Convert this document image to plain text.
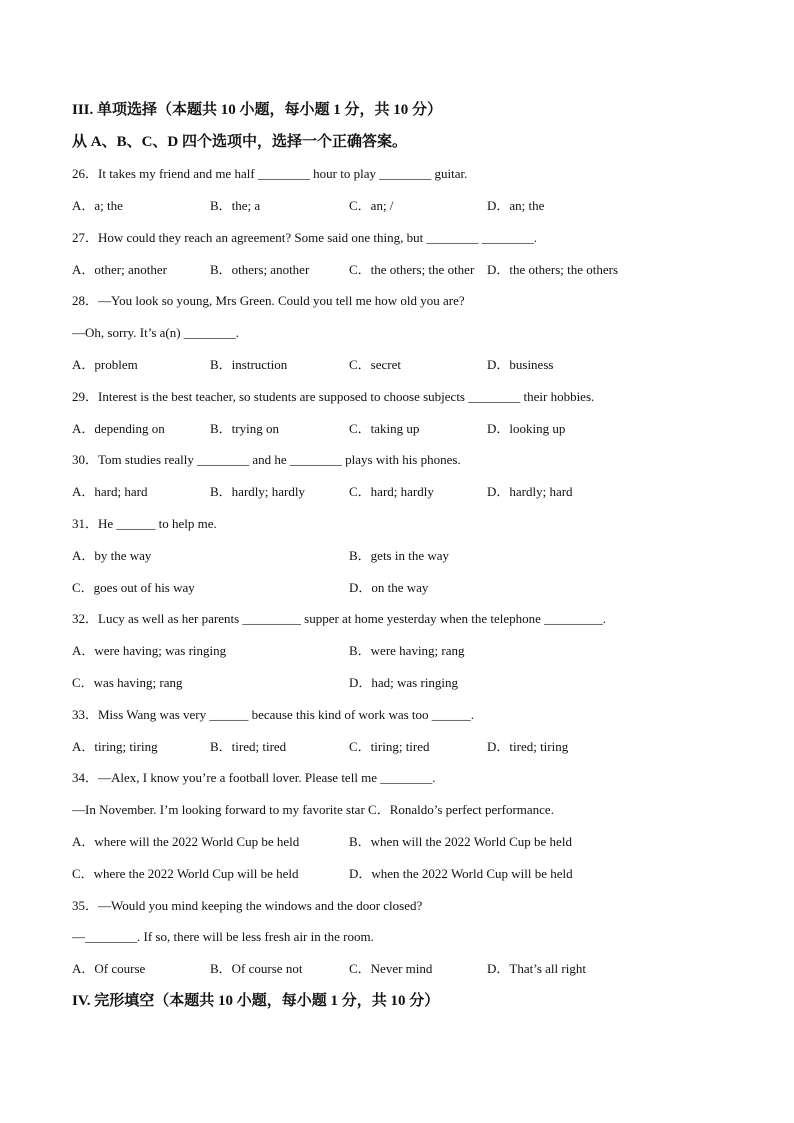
III. 单项选择（本题共 10 小题，每小题 1 分，共 10 分）
从 A、B、C、D 四个选项中，选择一个正确答案。
26．It takes my friend and me half ________ hour to play ________ guitar.
A．a; the	B．the; a	C．an; /	D．an; the
27．How could they reach an agreement? Some said one thing, but ________ ________.
A．other; another	B．others; another	C．the others; the other D．the others; the others
28．—You look so young, Mrs Green. Could you tell me how old you are?
—Oh, sorry. It’s a(n) ________.
A．problem	B．instruction	C．secret	D．business
29．Interest is the best teacher, so students are supposed to choose subjects ________ their hobbies.
A．depending on	B．trying on	C．taking up	D．looking up
30．Tom studies really ________ and he ________ plays with his phones.
A．hard; hard	B．hardly; hardly	C．hard; hardly	D．hardly; hard
31．He ______ to help me.
A．by the way	B．gets in the way
C．goes out of his way	D．on the way
32．Lucy as well as her parents _________ supper at home yesterday when the telephone _________.
A．were having; was ringing	B．were having; rang
C．was having; rang	D．had; was ringing
33．Miss Wang was very ______ because this kind of work was too ______.
A．tiring; tiring	B．tired; tired	C．tiring; tired	D．tired; tiring
34．—Alex, I know you’re a football lover. Please tell me ________.
—In November. I’m looking forward to my favorite star C．Ronaldo’s perfect performance.
A．where will the 2022 World Cup be held	B．when will the 2022 World Cup be held
C．where the 2022 World Cup will be held	D．when the 2022 World Cup will be held
35．—Would you mind keeping the windows and the door closed?
—________. If so, there will be less fresh air in the room.
A．Of course	B．Of course not	C．Never mind	D．That’s all right
IV. 完形填空（本题共 10 小题，每小题 1 分，共 10 分）
